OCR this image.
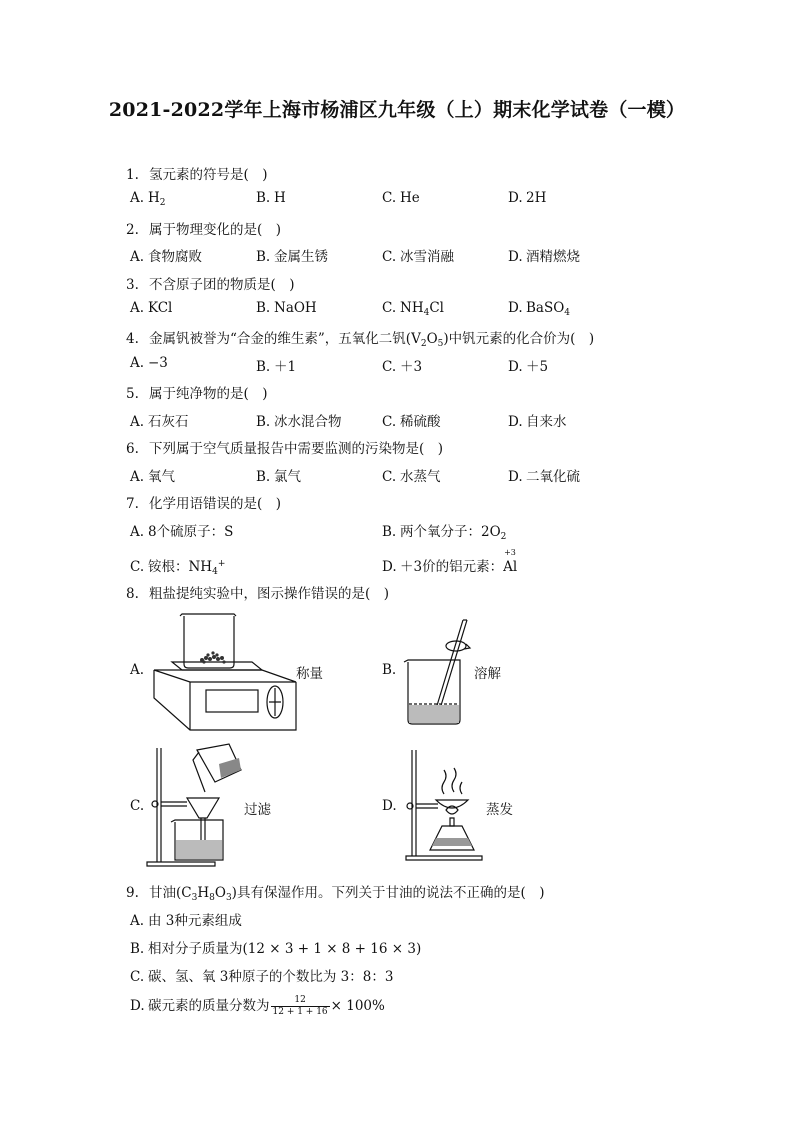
2021-2022学年上海市杨浦区九年级（上）期末化学试卷（一模）
1. 氢元素的符号是(　)
A. $H_2$	B. H	C. He	D. 2H
2. 属于物理变化的是(　)
A. 食物腐败	B. 金属生锈	C. 冰雪消融	D. 酒精燃烧
3. 不含原子团的物质是(　)
A. KCl	B. NaOH	C. $NH_4Cl$	D. BaSO$_4$
4. 金属钒被誉为“合金的维生素”，五氧化二钒$(V_2O_5)$中钒元素的化合价为(　)
A. −3	B. ＋1	C. ＋3	D. ＋5
5. 属于纯净物的是(　)
A. 石灰石	B. 冰水混合物	C. 稀硫酸	D. 自来水
6. 下列属于空气质量报告中需要监测的污染物是(　)
A. 氧气	B. 氯气	C. 水蒸气	D. 二氧化硫
7. 化学用语错误的是(　)
A. 8个硫原子：S	B. 两个氧分子：$2O_2$
C. 铵根：$NH_4^+$	D. ＋3价的铝元素：
+3
Al
8. 粗盐提纯实验中，图示操作错误的是(　)
A.	称量	B.	溶解
C.	过滤	D.	蒸发
9. 甘油$(C_3H_8O_3)$具有保湿作用。下列关于甘油的说法不正确的是(　)
A. 由 3种元素组成
B. 相对分子质量为(12 × 3 + 1 × 8 + 16 × 3)
C. 碳、氢、氧 3种原子的个数比为 3：8：3
D. 碳元素的质量分数为 $\frac{12}{12 + 1 + 16} \times 100\%$
